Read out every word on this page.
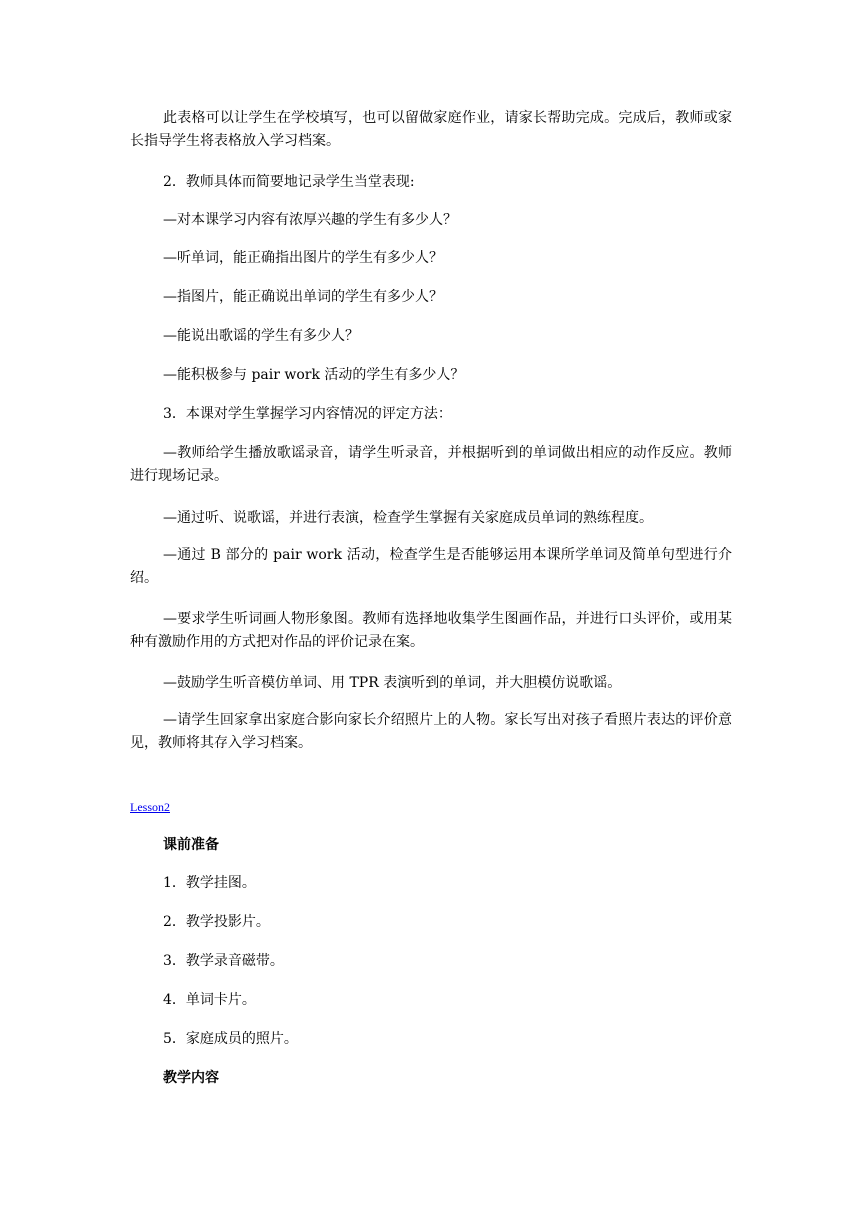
此表格可以让学生在学校填写，也可以留做家庭作业，请家长帮助完成。完成后，教师或家长指导学生将表格放入学习档案。

2．教师具体而简要地记录学生当堂表现:

—对本课学习内容有浓厚兴趣的学生有多少人？

—听单词，能正确指出图片的学生有多少人？

—指图片，能正确说出单词的学生有多少人？

—能说出歌谣的学生有多少人？

—能积极参与 pair work 活动的学生有多少人？

3．本课对学生掌握学习内容情况的评定方法：

—教师给学生播放歌谣录音，请学生听录音，并根据听到的单词做出相应的动作反应。教师进行现场记录。

—通过听、说歌谣，并进行表演，检查学生掌握有关家庭成员单词的熟练程度。

—通过 B 部分的 pair work 活动，检查学生是否能够运用本课所学单词及简单句型进行介绍。

—要求学生听词画人物形象图。教师有选择地收集学生图画作品，并进行口头评价，或用某种有激励作用的方式把对作品的评价记录在案。

—鼓励学生听音模仿单词、用 TPR 表演听到的单词，并大胆模仿说歌谣。

—请学生回家拿出家庭合影向家长介绍照片上的人物。家长写出对孩子看照片表达的评价意见，教师将其存入学习档案。

Lesson2

课前准备

1．教学挂图。

2．教学投影片。

3．教学录音磁带。

4．单词卡片。

5．家庭成员的照片。

教学内容
